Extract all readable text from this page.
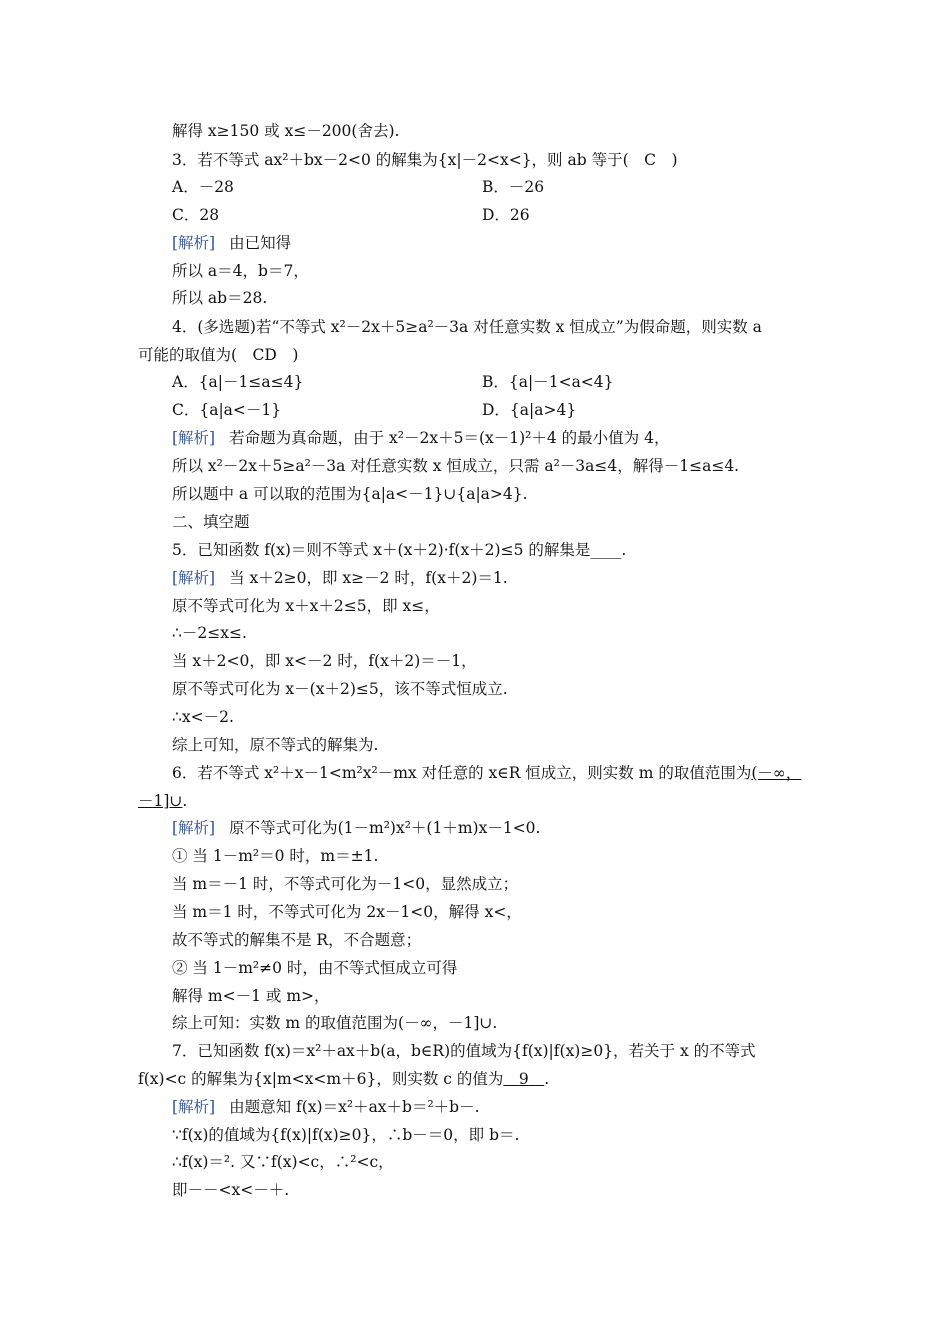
解得 x≥150 或 x≤－200(舍去).
3．若不等式 ax²＋bx－2<0 的解集为{x|－2<x<}，则 ab 等于(　C　)
A．－28	B．－26
C．28	D．26
[解析] 由已知得
所以 a＝4，b＝7，
所以 ab＝28.
4．(多选题)若“不等式 x²－2x＋5≥a²－3a 对任意实数 x 恒成立”为假命题，则实数 a
可能的取值为(　CD　)
A．{a|－1≤a≤4}	B．{a|－1<a<4}
C．{a|a<－1}	D．{a|a>4}
[解析] 若命题为真命题，由于 x²－2x＋5＝(x－1)²＋4 的最小值为 4，
所以 x²－2x＋5≥a²－3a 对任意实数 x 恒成立，只需 a²－3a≤4，解得－1≤a≤4.
所以题中 a 可以取的范围为{a|a<－1}∪{a|a>4}.
二、填空题
5．已知函数 f(x)＝则不等式 x＋(x＋2)·f(x＋2)≤5 的解集是____.
[解析] 当 x＋2≥0，即 x≥－2 时，f(x＋2)＝1.
原不等式可化为 x＋x＋2≤5，即 x≤，
∴－2≤x≤.
当 x＋2<0，即 x<－2 时，f(x＋2)＝－1，
原不等式可化为 x－(x＋2)≤5，该不等式恒成立.
∴x<－2.
综上可知，原不等式的解集为.
6．若不等式 x²＋x－1<m²x²－mx 对任意的 x∈R 恒成立，则实数 m 的取值范围为(－∞，
－1]∪.
[解析] 原不等式可化为(1－m²)x²＋(1＋m)x－1<0.
① 当 1－m²＝0 时，m＝±1.
当 m＝－1 时，不等式可化为－1<0，显然成立；
当 m＝1 时，不等式可化为 2x－1<0，解得 x<，
故不等式的解集不是 R，不合题意；
② 当 1－m²≠0 时，由不等式恒成立可得
解得 m<－1 或 m>，
综上可知：实数 m 的取值范围为(－∞，－1]∪.
7．已知函数 f(x)＝x²＋ax＋b(a，b∈R)的值域为{f(x)|f(x)≥0}，若关于 x 的不等式
f(x)<c 的解集为{x|m<x<m＋6}，则实数 c 的值为  9  .
[解析] 由题意知 f(x)＝x²＋ax＋b＝²＋b－.
∵f(x)的值域为{f(x)|f(x)≥0}，∴b－＝0，即 b＝.
∴f(x)＝². 又∵f(x)<c，∴²<c，
即－－<x<－＋.
